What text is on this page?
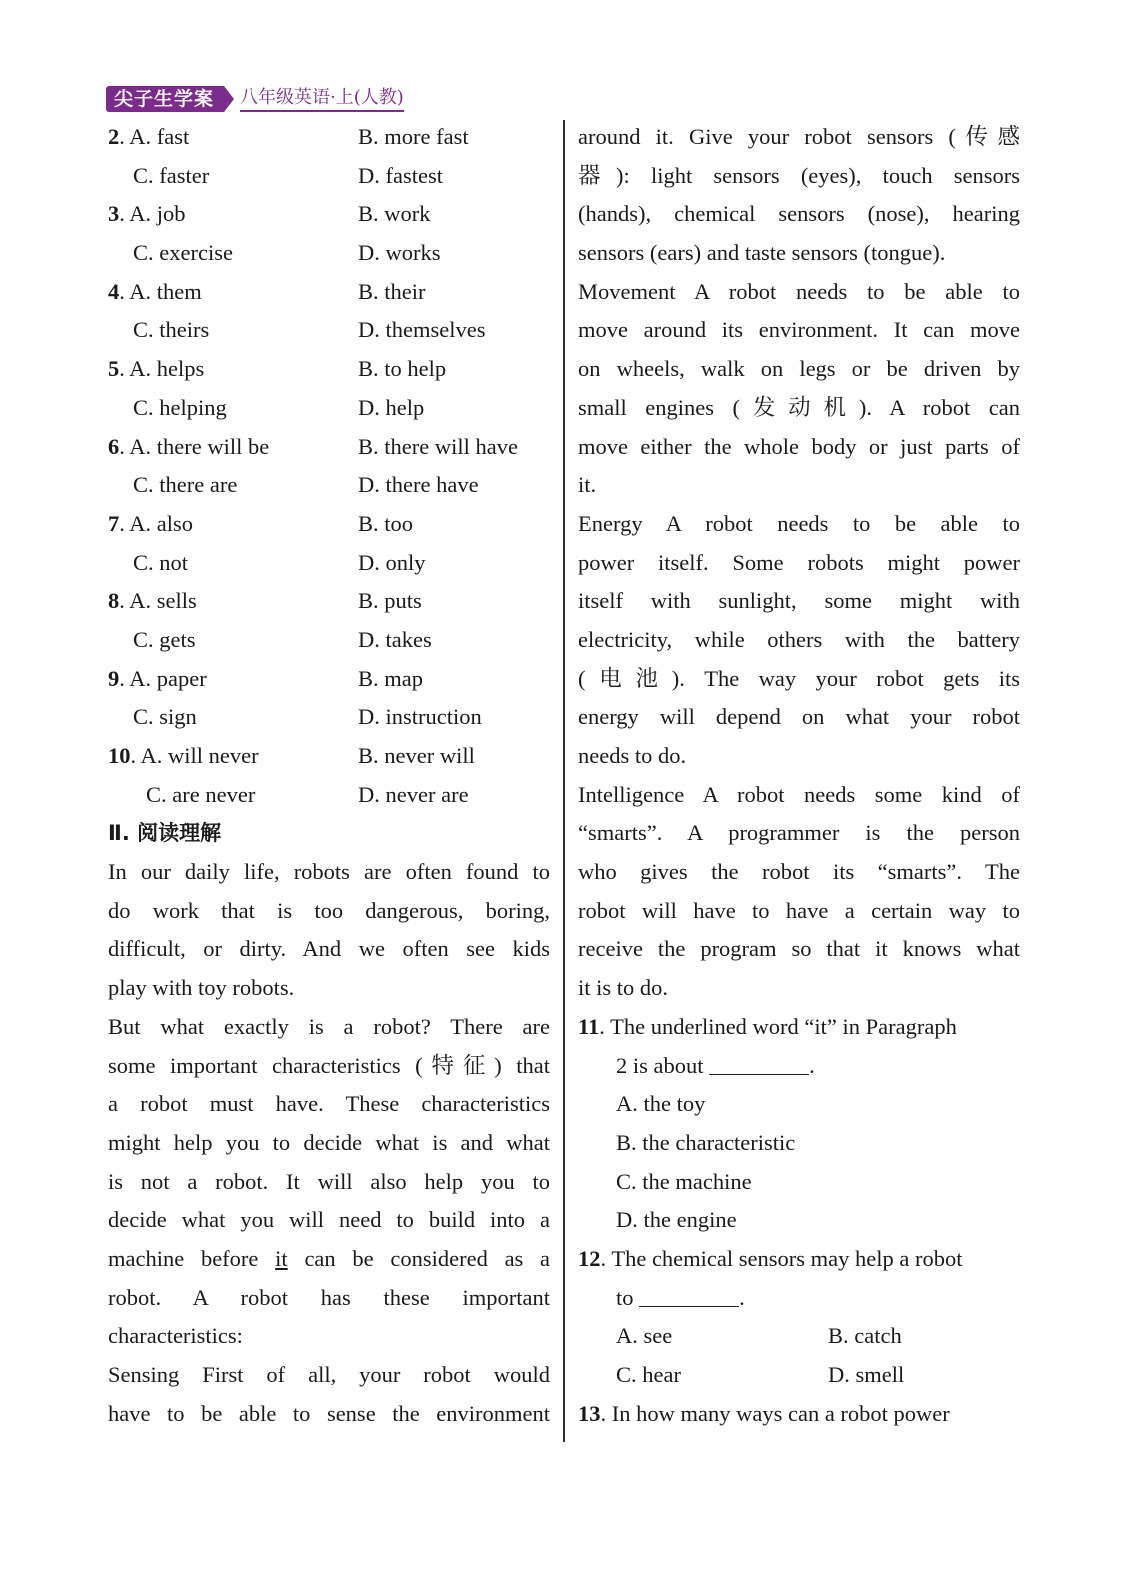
尖子生学案	八年级英语·上(人教)
2. A. fast	B. more fast
C. faster	D. fastest
3. A. job	B. work
C. exercise	D. works
4. A. them	B. their
C. theirs	D. themselves
5. A. helps	B. to help
C. helping	D. help
6. A. there will be	B. there will have
C. there are	D. there have
7. A. also	B. too
C. not	D. only
8. A. sells	B. puts
C. gets	D. takes
9. A. paper	B. map
C. sign	D. instruction
10. A. will never	B. never will
C. are never	D. never are
Ⅱ. 阅读理解
In our daily life, robots are often found to
do work that is too dangerous, boring,
difficult, or dirty. And we often see kids
play with toy robots.
But what exactly is a robot? There are
some important characteristics (特征) that
a robot must have. These characteristics
might help you to decide what is and what
is not a robot. It will also help you to
decide what you will need to build into a
machine before it can be considered as a
robot. A robot has these important
characteristics:
Sensing First of all, your robot would
have to be able to sense the environment
around it. Give your robot sensors (传感
器): light sensors (eyes), touch sensors
(hands), chemical sensors (nose), hearing
sensors (ears) and taste sensors (tongue).
Movement A robot needs to be able to
move around its environment. It can move
on wheels, walk on legs or be driven by
small engines (发动机). A robot can
move either the whole body or just parts of
it.
Energy A robot needs to be able to
power itself. Some robots might power
itself with sunlight, some might with
electricity, while others with the battery
(电池). The way your robot gets its
energy will depend on what your robot
needs to do.
Intelligence A robot needs some kind of
“smarts”. A programmer is the person
who gives the robot its “smarts”. The
robot will have to have a certain way to
receive the program so that it knows what
it is to do.
11. The underlined word “it” in Paragraph
2 is about	.
A. the toy
B. the characteristic
C. the machine
D. the engine
12. The chemical sensors may help a robot
to	.
A. see	B. catch
C. hear	D. smell
13. In how many ways can a robot power
